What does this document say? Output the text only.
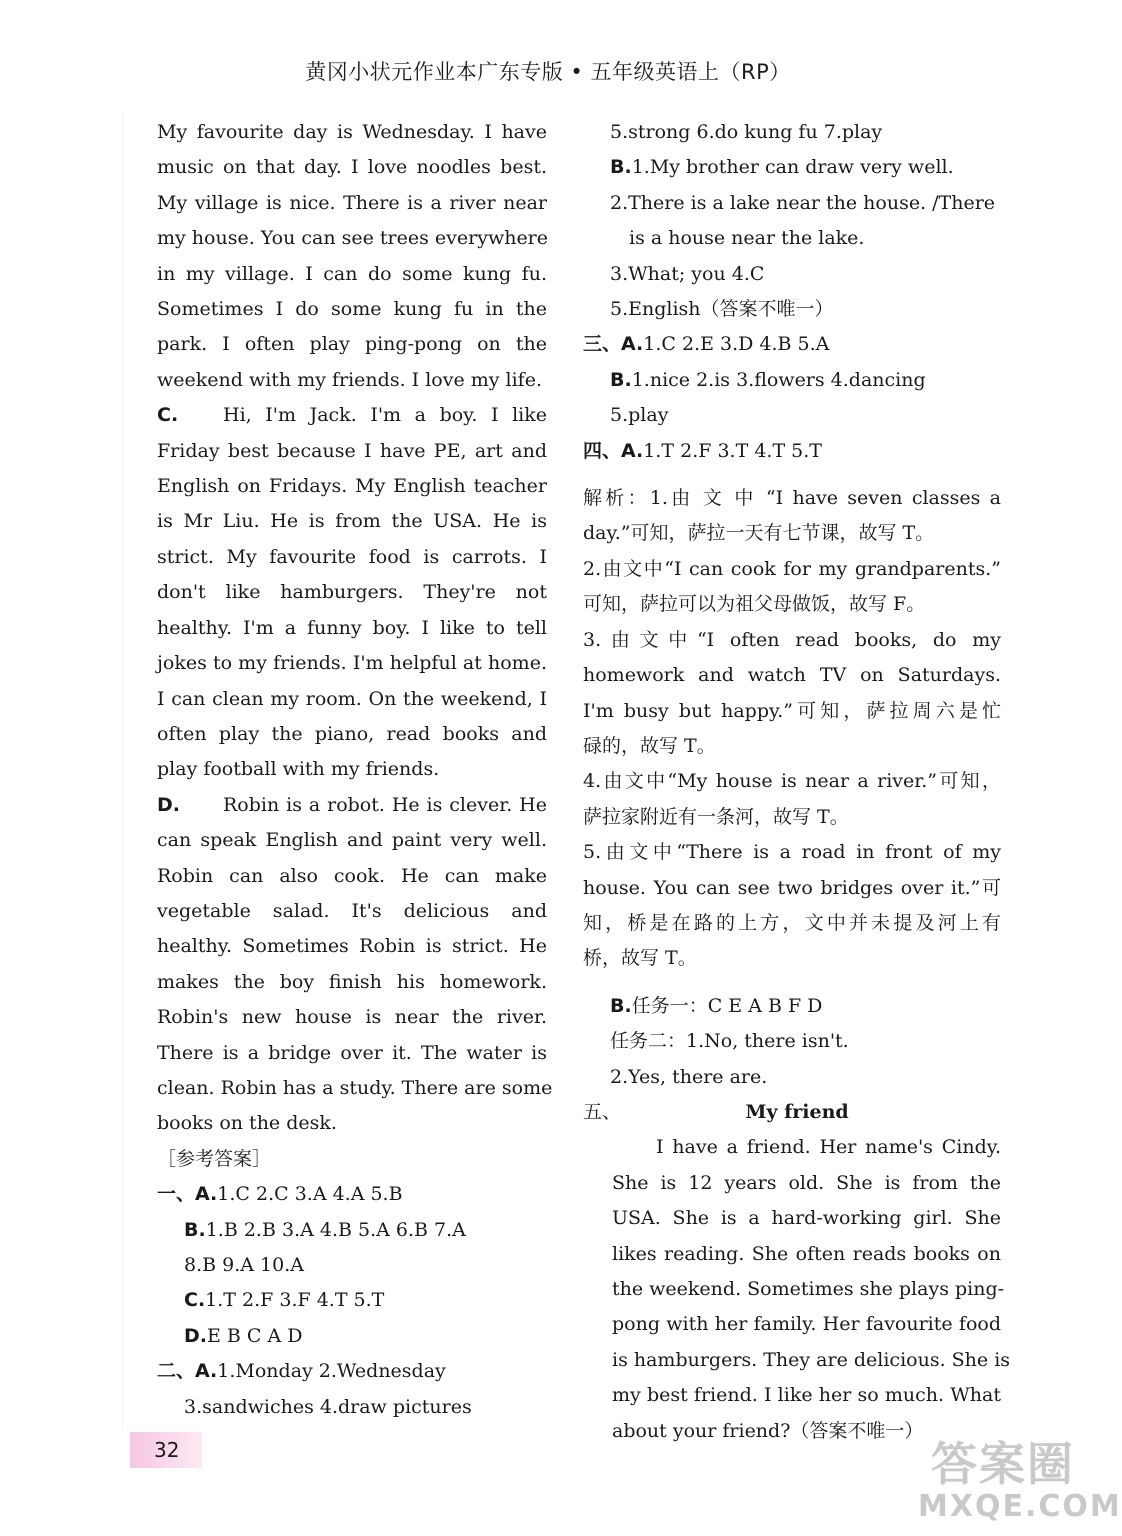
黄冈小状元作业本广东专版 • 五年级英语上（RP）
My favourite day is Wednesday. I have
music on that day. I love noodles best.
My village is nice. There is a river near
my house. You can see trees everywhere
in my village. I can do some kung fu.
Sometimes I do some kung fu in the
park. I often play ping-pong on the
weekend with my friends. I love my life.
C.	Hi, I'm Jack. I'm a boy. I like
Friday best because I have PE, art and
English on Fridays. My English teacher
is Mr Liu. He is from the USA. He is
strict. My favourite food is carrots. I
don't like hamburgers. They're not
healthy. I'm a funny boy. I like to tell
jokes to my friends. I'm helpful at home.
I can clean my room. On the weekend, I
often play the piano, read books and
play football with my friends.
D.	Robin is a robot. He is clever. He
can speak English and paint very well.
Robin can also cook. He can make
vegetable salad. It's delicious and
healthy. Sometimes Robin is strict. He
makes the boy finish his homework.
Robin's new house is near the river.
There is a bridge over it. The water is
clean. Robin has a study. There are some
books on the desk.
［参考答案］
一、A.1.C 2.C 3.A 4.A 5.B
B.1.B 2.B 3.A 4.B 5.A 6.B 7.A
8.B 9.A 10.A
C.1.T 2.F 3.F 4.T 5.T
D.E B C A D
二、A.1.Monday 2.Wednesday
3.sandwiches 4.draw pictures
5.strong 6.do kung fu 7.play
B.1.My brother can draw very well.
2.There is a lake near the house. /There
is a house near the lake.
3.What; you 4.C
5.English（答案不唯一）
三、A.1.C 2.E 3.D 4.B 5.A
B.1.nice 2.is 3.flowers 4.dancing
5.play
四、A.1.T 2.F 3.T 4.T 5.T
解析：1.由 文 中 “I have seven classes a
day.”可知，萨拉一天有七节课，故写 T。
2.由文中“I can cook for my grandparents.”
可知，萨拉可以为祖父母做饭，故写 F。
3.由文中“I often read books, do my
homework and watch TV on Saturdays.
I'm busy but happy.”可知，萨拉周六是忙
碌的，故写 T。
4.由文中“My house is near a river.”可知，
萨拉家附近有一条河，故写 T。
5.由文中“There is a road in front of my
house. You can see two bridges over it.”可
知，桥是在路的上方，文中并未提及河上有
桥，故写 T。
B.任务一：C E A B F D
任务二：1.No, there isn't.
2.Yes, there are.
五、	My friend
I have a friend. Her name's Cindy.
She is 12 years old. She is from the
USA. She is a hard-working girl. She
likes reading. She often reads books on
the weekend. Sometimes she plays ping-
pong with her family. Her favourite food
is hamburgers. They are delicious. She is
my best friend. I like her so much. What
about your friend?（答案不唯一）
32	答案圈
MXQE.COM
